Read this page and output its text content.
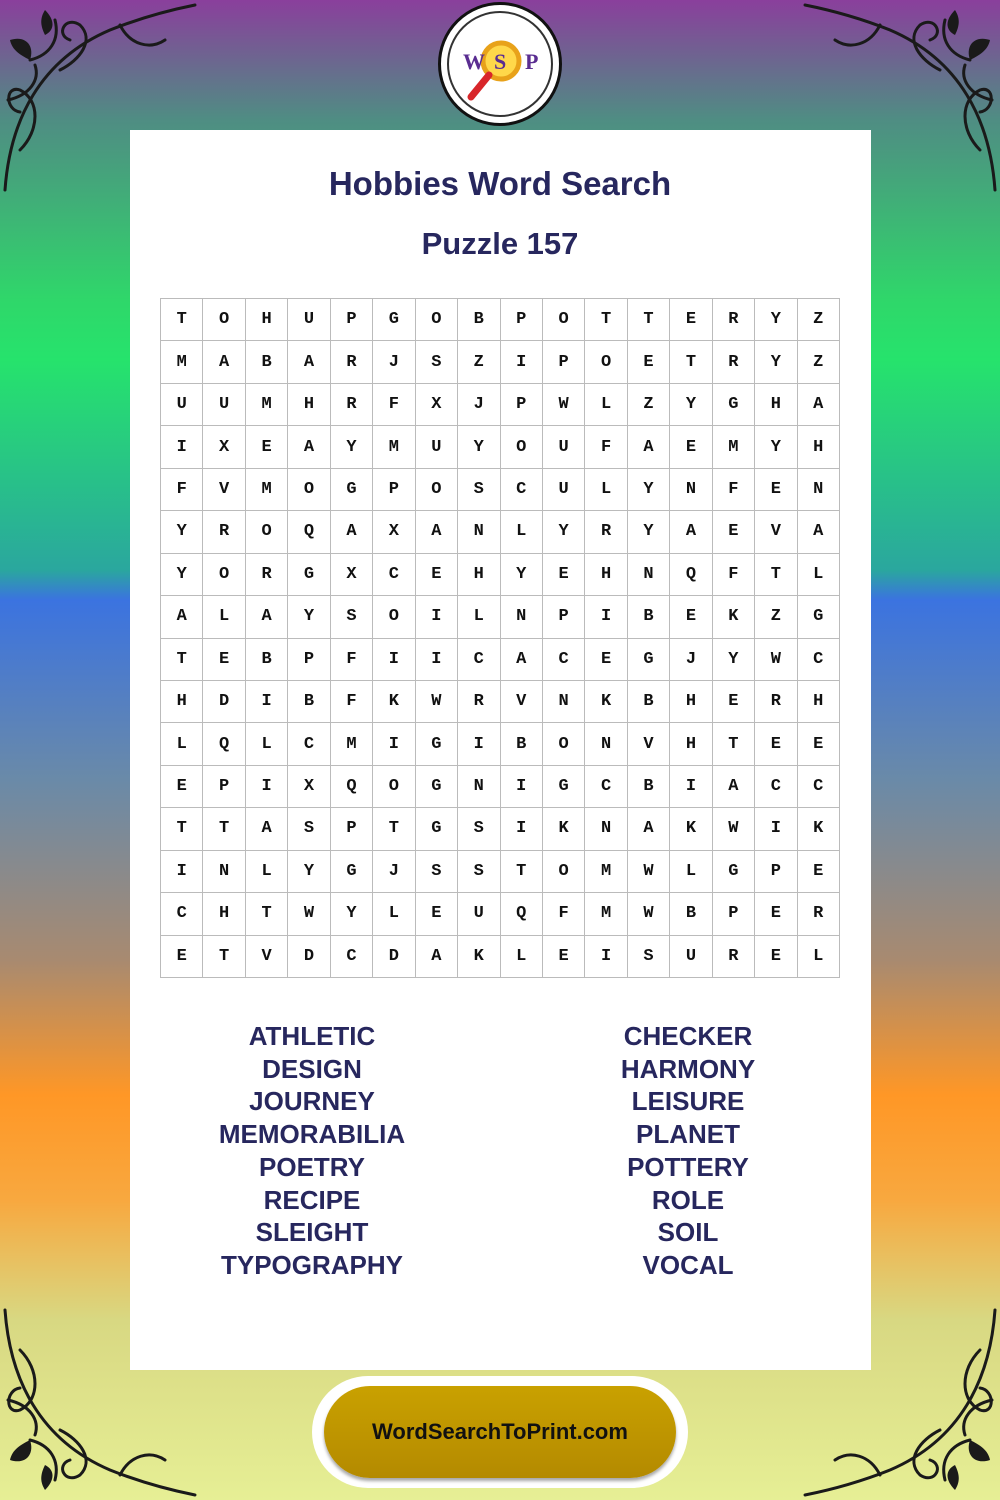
W S P
Hobbies Word Search
Puzzle 157
T	O	H	U	P	G	O	B	P	O	T	T	E	R	Y	Z
M	A	B	A	R	J	S	Z	I	P	O	E	T	R	Y	Z
U	U	M	H	R	F	X	J	P	W	L	Z	Y	G	H	A
I	X	E	A	Y	M	U	Y	O	U	F	A	E	M	Y	H
F	V	M	O	G	P	O	S	C	U	L	Y	N	F	E	N
Y	R	O	Q	A	X	A	N	L	Y	R	Y	A	E	V	A
Y	O	R	G	X	C	E	H	Y	E	H	N	Q	F	T	L
A	L	A	Y	S	O	I	L	N	P	I	B	E	K	Z	G
T	E	B	P	F	I	I	C	A	C	E	G	J	Y	W	C
H	D	I	B	F	K	W	R	V	N	K	B	H	E	R	H
L	Q	L	C	M	I	G	I	B	O	N	V	H	T	E	E
E	P	I	X	Q	O	G	N	I	G	C	B	I	A	C	C
T	T	A	S	P	T	G	S	I	K	N	A	K	W	I	K
I	N	L	Y	G	J	S	S	T	O	M	W	L	G	P	E
C	H	T	W	Y	L	E	U	Q	F	M	W	B	P	E	R
E	T	V	D	C	D	A	K	L	E	I	S	U	R	E	L
ATHLETIC
DESIGN
JOURNEY
MEMORABILIA
POETRY
RECIPE
SLEIGHT
TYPOGRAPHY
CHECKER
HARMONY
LEISURE
PLANET
POTTERY
ROLE
SOIL
VOCAL
WordSearchToPrint.com
